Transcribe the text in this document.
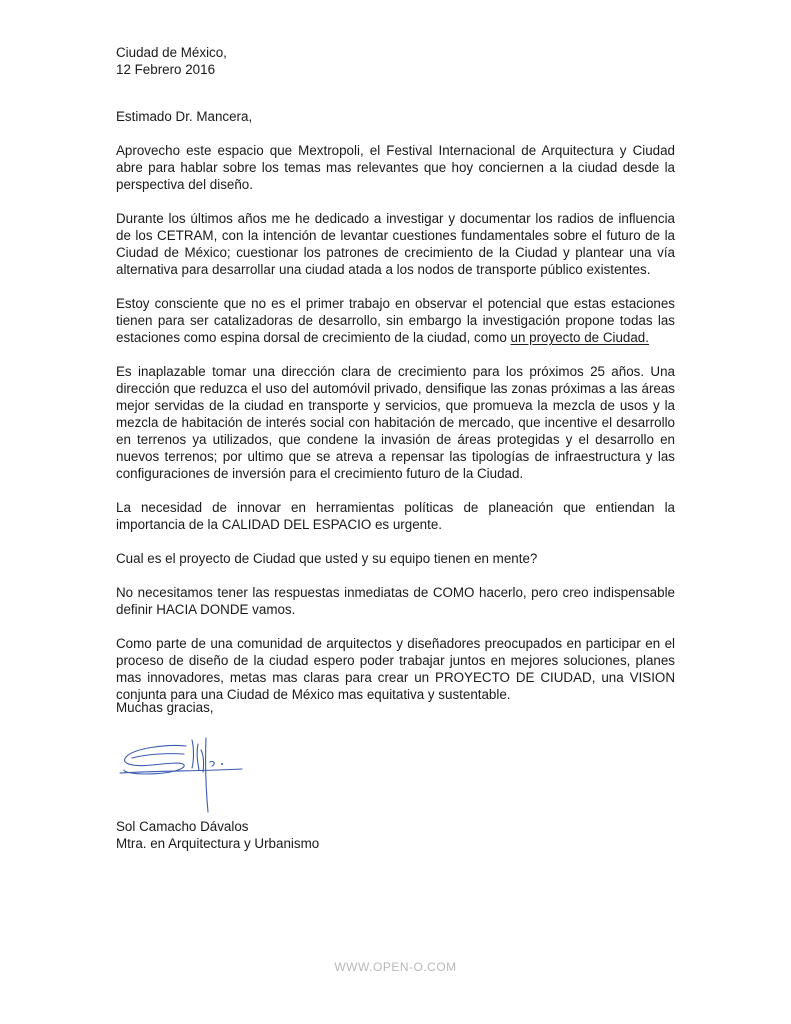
Ciudad de México,

12 Febrero 2016

Estimado Dr. Mancera,

Aprovecho este espacio que Mextropoli, el Festival Internacional de Arquitectura y Ciudad abre para hablar sobre los temas mas relevantes que hoy conciernen a la ciudad desde la perspectiva del diseño.

Durante los últimos años me he dedicado a investigar y documentar los radios de influencia de los CETRAM, con la intención de levantar cuestiones fundamentales sobre el futuro de la Ciudad de México; cuestionar los patrones de crecimiento de la Ciudad y plantear una vía alternativa para desarrollar una ciudad atada a los nodos de transporte público existentes.

Estoy consciente que no es el primer trabajo en observar el potencial que estas estaciones tienen para ser catalizadoras de desarrollo, sin embargo la investigación propone todas las estaciones como espina dorsal de crecimiento de la ciudad, como un proyecto de Ciudad.

Es inaplazable tomar una dirección clara de crecimiento para los próximos 25 años. Una dirección que reduzca el uso del automóvil privado, densifique las zonas próximas a las áreas mejor servidas de la ciudad en transporte y servicios, que promueva la mezcla de usos y la mezcla de habitación de interés social con habitación de mercado, que incentive el desarrollo en terrenos ya utilizados, que condene la invasión de áreas protegidas y el desarrollo en nuevos terrenos; por ultimo que se atreva a repensar las tipologías de infraestructura y las configuraciones de inversión para el crecimiento futuro de la Ciudad.

La necesidad de innovar en herramientas políticas de planeación que entiendan la importancia de la CALIDAD DEL ESPACIO es urgente.

Cual es el proyecto de Ciudad que usted y su equipo tienen en mente?

No necesitamos tener las respuestas inmediatas de COMO hacerlo, pero creo indispensable definir HACIA DONDE vamos.

Como parte de una comunidad de arquitectos y diseñadores preocupados en participar en el proceso de diseño de la ciudad espero poder trabajar juntos en mejores soluciones, planes mas innovadores, metas mas claras para crear un PROYECTO DE CIUDAD, una VISION conjunta para una Ciudad de México mas equitativa y sustentable.

Muchas gracias,

Sol Camacho Dávalos

Mtra. en Arquitectura y Urbanismo

WWW.OPEN-O.COM
